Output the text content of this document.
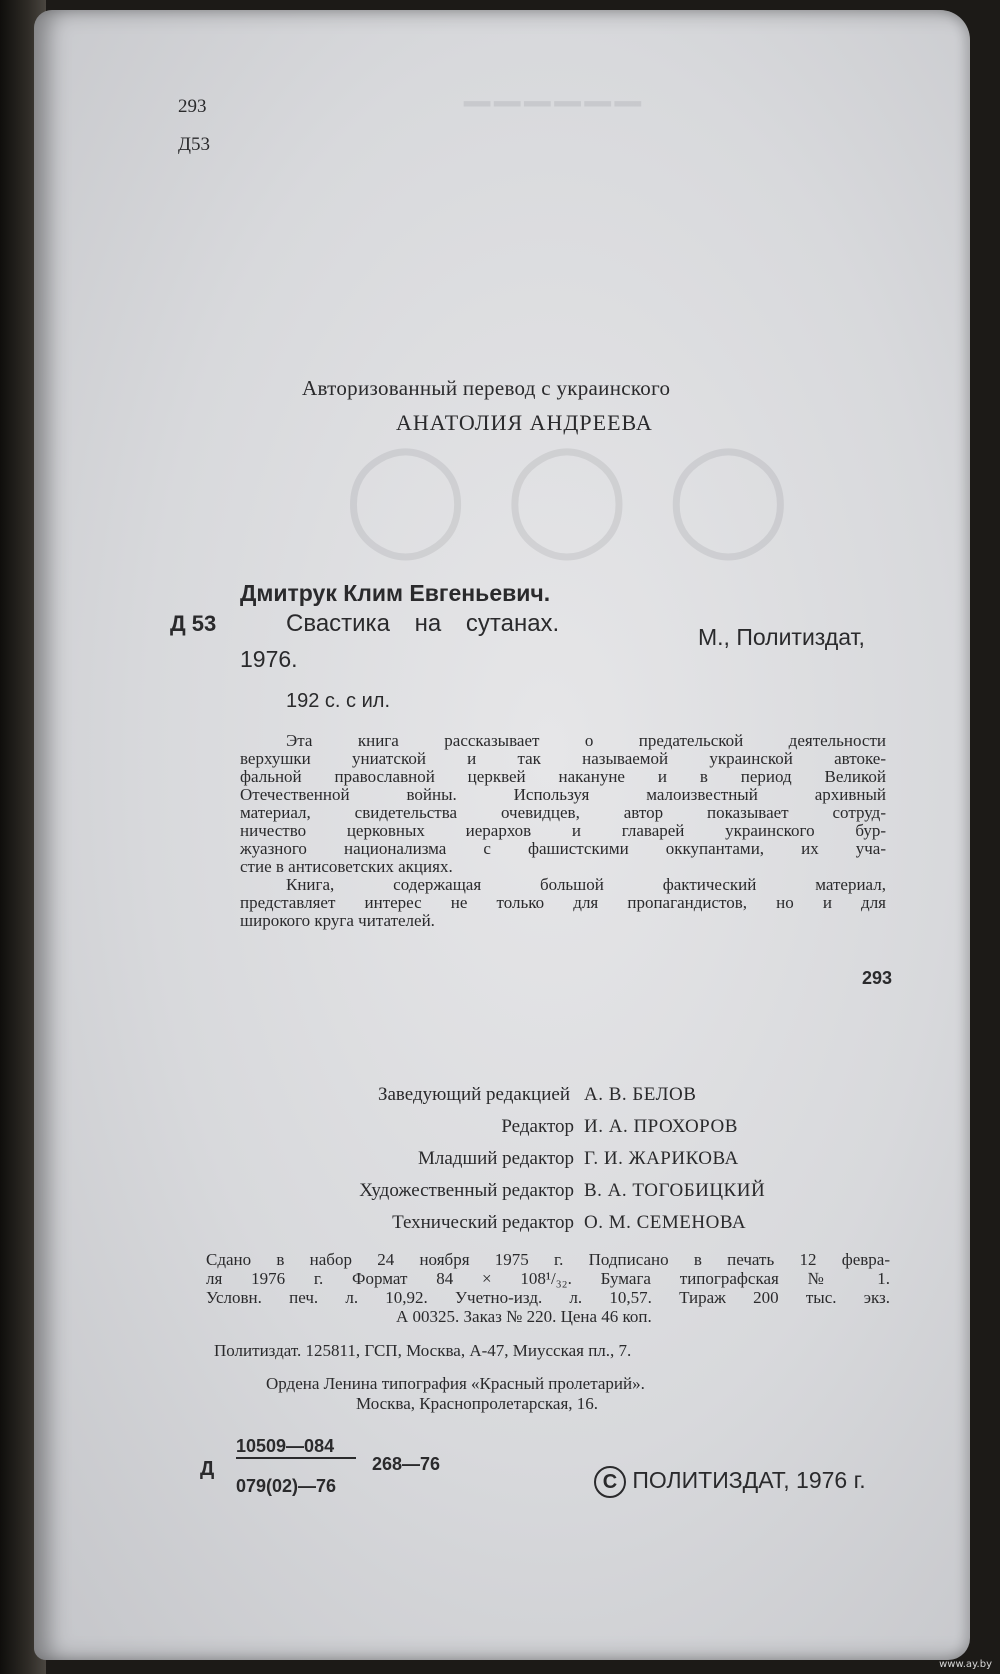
▔▔▔▔▔▔
◯ ◯ ◯
293
Д53
Авторизованный перевод с украинского
АНАТОЛИЯ АНДРЕЕВА
Дмитрук Клим Евгеньевич.
Д 53	Свастика на сутанах.	М., Политиздат,
1976.
192 с. с ил.
Эта книга рассказывает о предательской деятельности
верхушки униатской и так называемой украинской автоке-
фальной православной церквей накануне и в период Великой
Отечественной войны. Используя малоизвестный архивный
материал, свидетельства очевидцев, автор показывает сотруд-
ничество церковных иерархов и главарей украинского бур-
жуазного национализма с фашистскими оккупантами, их уча-
стие в антисоветских акциях.
Книга, содержащая большой фактический материал,
представляет интерес не только для пропагандистов, но и для
широкого круга читателей.
293
Заведующий редакцией А. В. БЕЛОВ
Редактор И. А. ПРОХОРОВ
Младший редактор Г. И. ЖАРИКОВА
Художественный редактор В. А. ТОГОБИЦКИЙ
Технический редактор О. М. СЕМЕНОВА
Сдано в набор 24 ноября 1975 г. Подписано в печать 12 февра-
ля 1976 г. Формат 84 × 108¹/₃₂. Бумага типографская № 1.
Условн. печ. л. 10,92. Учетно-изд. л. 10,57. Тираж 200 тыс. экз.
А 00325. Заказ № 220. Цена 46 коп.
Политиздат. 125811, ГСП, Москва, А-47, Миусская пл., 7.
Ордена Ленина типография «Красный пролетарий».
Москва, Краснопролетарская, 16.
Д
10509—084
079(02)—76
268—76
C ПОЛИТИЗДАТ, 1976 г.
www.ay.by
